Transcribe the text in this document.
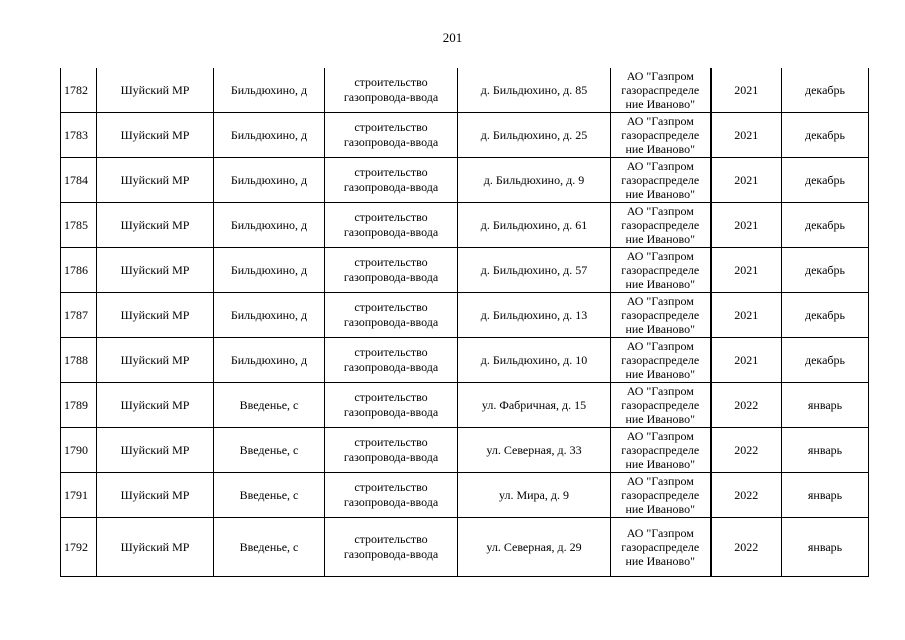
201
1782	Шуйский МР	Бильдюхино, д	строительство
газопровода-ввода	д. Бильдюхино, д. 85	АО "Газпром
газораспределе
ние Иваново"	2021	декабрь
1783	Шуйский МР	Бильдюхино, д	строительство
газопровода-ввода	д. Бильдюхино, д. 25	АО "Газпром
газораспределе
ние Иваново"	2021	декабрь
1784	Шуйский МР	Бильдюхино, д	строительство
газопровода-ввода	д. Бильдюхино, д. 9	АО "Газпром
газораспределе
ние Иваново"	2021	декабрь
1785	Шуйский МР	Бильдюхино, д	строительство
газопровода-ввода	д. Бильдюхино, д. 61	АО "Газпром
газораспределе
ние Иваново"	2021	декабрь
1786	Шуйский МР	Бильдюхино, д	строительство
газопровода-ввода	д. Бильдюхино, д. 57	АО "Газпром
газораспределе
ние Иваново"	2021	декабрь
1787	Шуйский МР	Бильдюхино, д	строительство
газопровода-ввода	д. Бильдюхино, д. 13	АО "Газпром
газораспределе
ние Иваново"	2021	декабрь
1788	Шуйский МР	Бильдюхино, д	строительство
газопровода-ввода	д. Бильдюхино, д. 10	АО "Газпром
газораспределе
ние Иваново"	2021	декабрь
1789	Шуйский МР	Введенье, с	строительство
газопровода-ввода	ул. Фабричная, д. 15	АО "Газпром
газораспределе
ние Иваново"	2022	январь
1790	Шуйский МР	Введенье, с	строительство
газопровода-ввода	ул. Северная, д. 33	АО "Газпром
газораспределе
ние Иваново"	2022	январь
1791	Шуйский МР	Введенье, с	строительство
газопровода-ввода	ул. Мира, д. 9	АО "Газпром
газораспределе
ние Иваново"	2022	январь
1792	Шуйский МР	Введенье, с	строительство
газопровода-ввода	ул. Северная, д. 29	АО "Газпром
газораспределе
ние Иваново"	2022	январь
